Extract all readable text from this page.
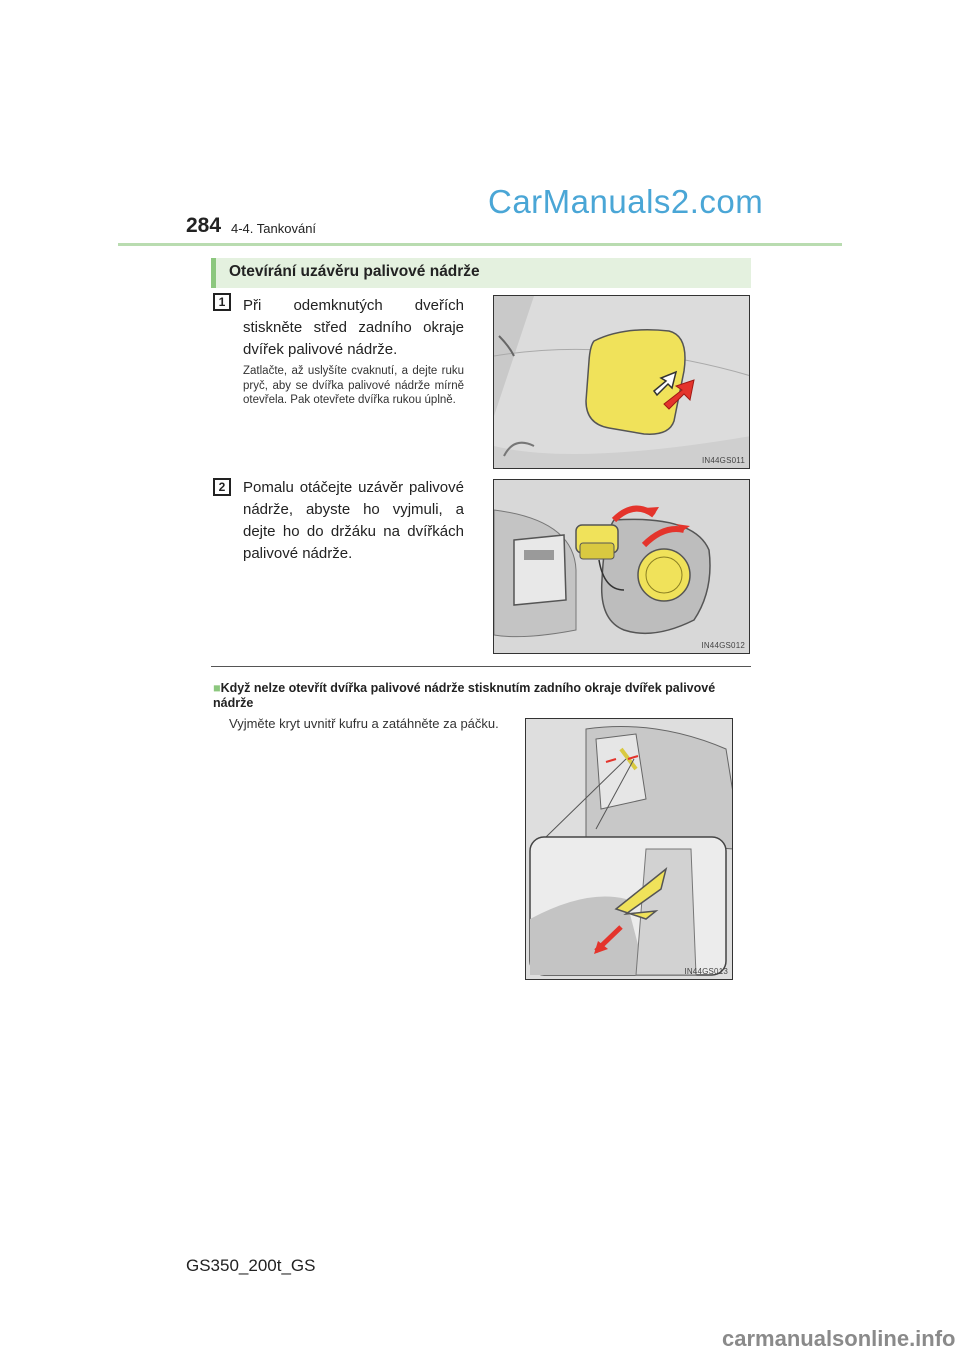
CarManuals2.com
284 4-4. Tankování
Otevírání uzávěru palivové nádrže
1	Při odemknutých dveřích stiskněte střed zadního okraje dvířek palivové nádrže.
Zatlačte, až uslyšíte cvaknutí, a dejte ruku pryč, aby se dvířka palivové nádrže mírně otevřela. Pak otevřete dvířka rukou úplně.
IN44GS011
2	Pomalu otáčejte uzávěr palivové nádrže, abyste ho vyjmuli, a dejte ho do držáku na dvířkách palivové nádrže.
IN44GS012
■Když nelze otevřít dvířka palivové nádrže stisknutím zadního okraje dvířek palivové nádrže
Vyjměte kryt uvnitř kufru a zatáhněte za páčku.
IN44GS013
GS350_200t_GS
carmanualsonline.info
